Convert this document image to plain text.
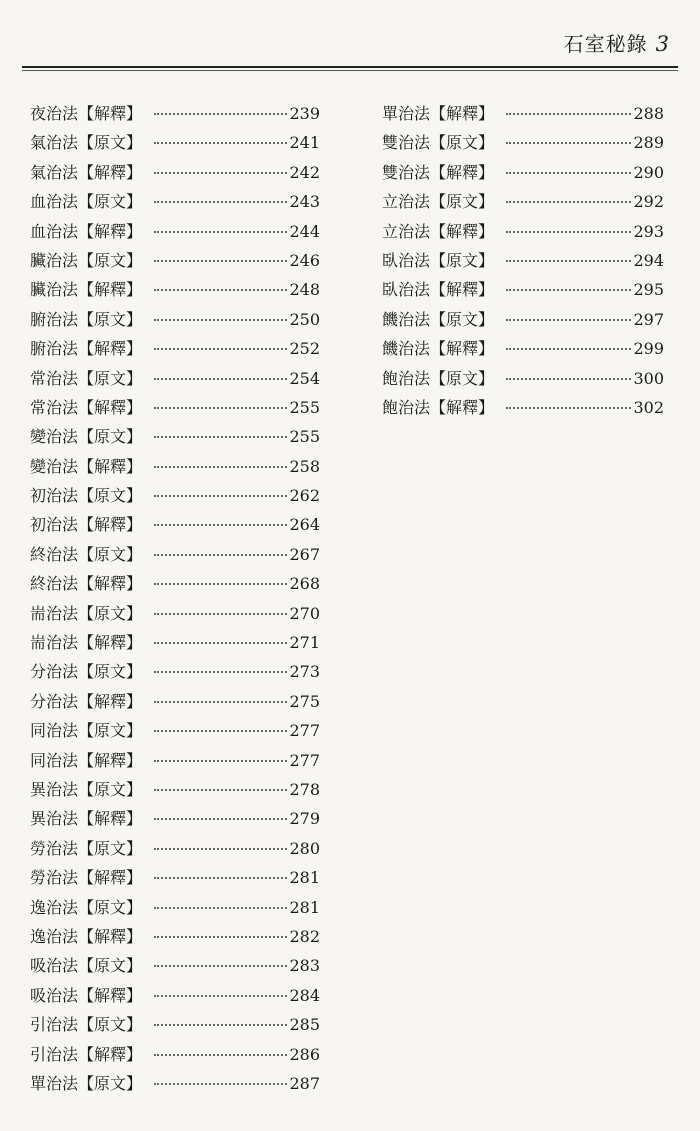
石室秘錄 3
夜治法【解釋】	239
氣治法【原文】	241
氣治法【解釋】	242
血治法【原文】	243
血治法【解釋】	244
臟治法【原文】	246
臟治法【解釋】	248
腑治法【原文】	250
腑治法【解釋】	252
常治法【原文】	254
常治法【解釋】	255
變治法【原文】	255
變治法【解釋】	258
初治法【原文】	262
初治法【解釋】	264
終治法【原文】	267
終治法【解釋】	268
耑治法【原文】	270
耑治法【解釋】	271
分治法【原文】	273
分治法【解釋】	275
同治法【原文】	277
同治法【解釋】	277
異治法【原文】	278
異治法【解釋】	279
勞治法【原文】	280
勞治法【解釋】	281
逸治法【原文】	281
逸治法【解釋】	282
吸治法【原文】	283
吸治法【解釋】	284
引治法【原文】	285
引治法【解釋】	286
單治法【原文】	287
單治法【解釋】	288
雙治法【原文】	289
雙治法【解釋】	290
立治法【原文】	292
立治法【解釋】	293
臥治法【原文】	294
臥治法【解釋】	295
饑治法【原文】	297
饑治法【解釋】	299
飽治法【原文】	300
飽治法【解釋】	302
